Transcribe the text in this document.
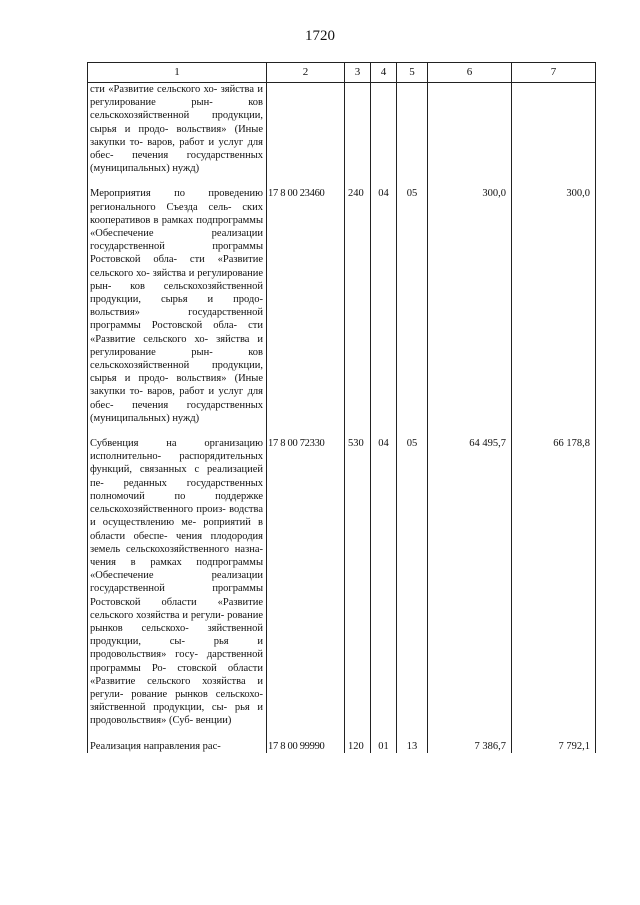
1720
1	2	3	4	5	6	7
сти «Развитие сельского хо- зяйства и регулирование рын- ков сельскохозяйственной продукции, сырья и продо- вольствия» (Иные закупки то- варов, работ и услуг для обес- печения государственных (муниципальных) нужд)						

Мероприятия по проведению регионального Съезда сель- ских кооперативов в рамках подпрограммы «Обеспечение реализации государственной программы Ростовской обла- сти «Развитие сельского хо- зяйства и регулирование рын- ков сельскохозяйственной продукции, сырья и продо- вольствия» государственной программы Ростовской обла- сти «Развитие сельского хо- зяйства и регулирование рын- ков сельскохозяйственной продукции, сырья и продо- вольствия» (Иные закупки то- варов, работ и услуг для обес- печения государственных (муниципальных) нужд)	17 8 00 23460	240	04	05	300,0	300,0

Субвенция на организацию исполнительно- распорядительных функций, связанных с реализацией пе- реданных государственных полномочий по поддержке сельскохозяйственного произ- водства и осуществлению ме- роприятий в области обеспе- чения плодородия земель сельскохозяйственного назна- чения в рамках подпрограммы «Обеспечение реализации государственной программы Ростовской области «Развитие сельского хозяйства и регули- рование рынков сельскохо- зяйственной продукции, сы- рья и продовольствия» госу- дарственной программы Ро- стовской области «Развитие сельского хозяйства и регули- рование рынков сельскохо- зяйственной продукции, сы- рья и продовольствия» (Суб- венции)	17 8 00 72330	530	04	05	64 495,7	66 178,8

Реализация направления рас-	17 8 00 99990	120	01	13	7 386,7	7 792,1
